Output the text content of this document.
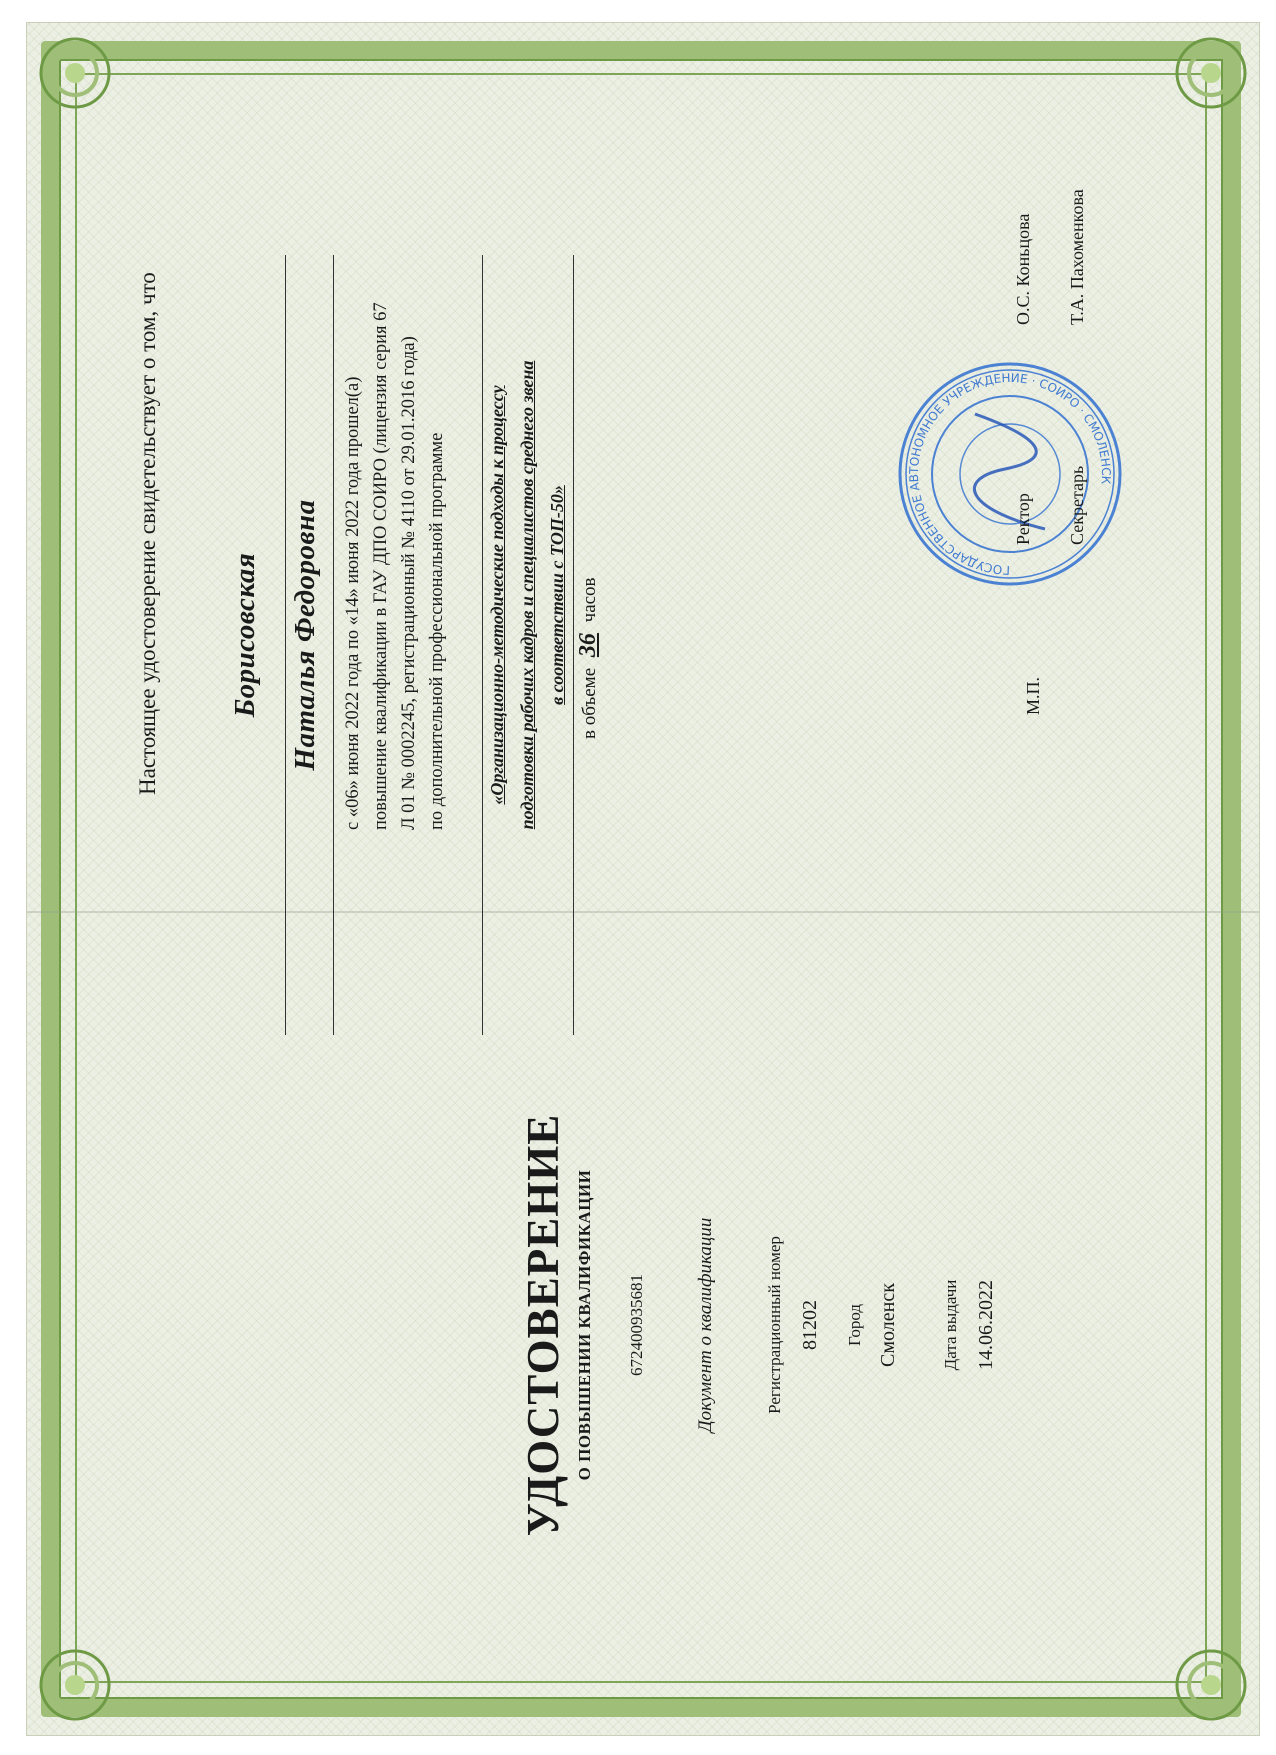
Настоящее удостоверение свидетельствует о том, что Борисовская Наталья Федоровна с «06» июня 2022 года по «14» июня 2022 года прошел(а) повышение квалификации в ГАУ ДПО СОИРО (лицензия серия 67 Л 01 № 0002245, регистрационный № 4110 от 29.01.2016 года) по дополнительной профессиональной программе «Организационно-методические подходы к процессу подготовки рабочих кадров и специалистов среднего звена в соответствии с ТОП-50» в объеме 36 часов
М.П.
ГОСУДАРСТВЕННОЕ АВТОНОМНОЕ УЧРЕЖДЕНИЕ · СОИРО · СМОЛЕНСК
Ректор
О.С. Коньцова
Секретарь
Т.А. Пахоменкова
УДОСТОВЕРЕНИЕ О ПОВЫШЕНИИ КВАЛИФИКАЦИИ 672400935681	Документ о квалификации	Регистрационный номер 81202 Город Смоленск Дата выдачи 14.06.2022
